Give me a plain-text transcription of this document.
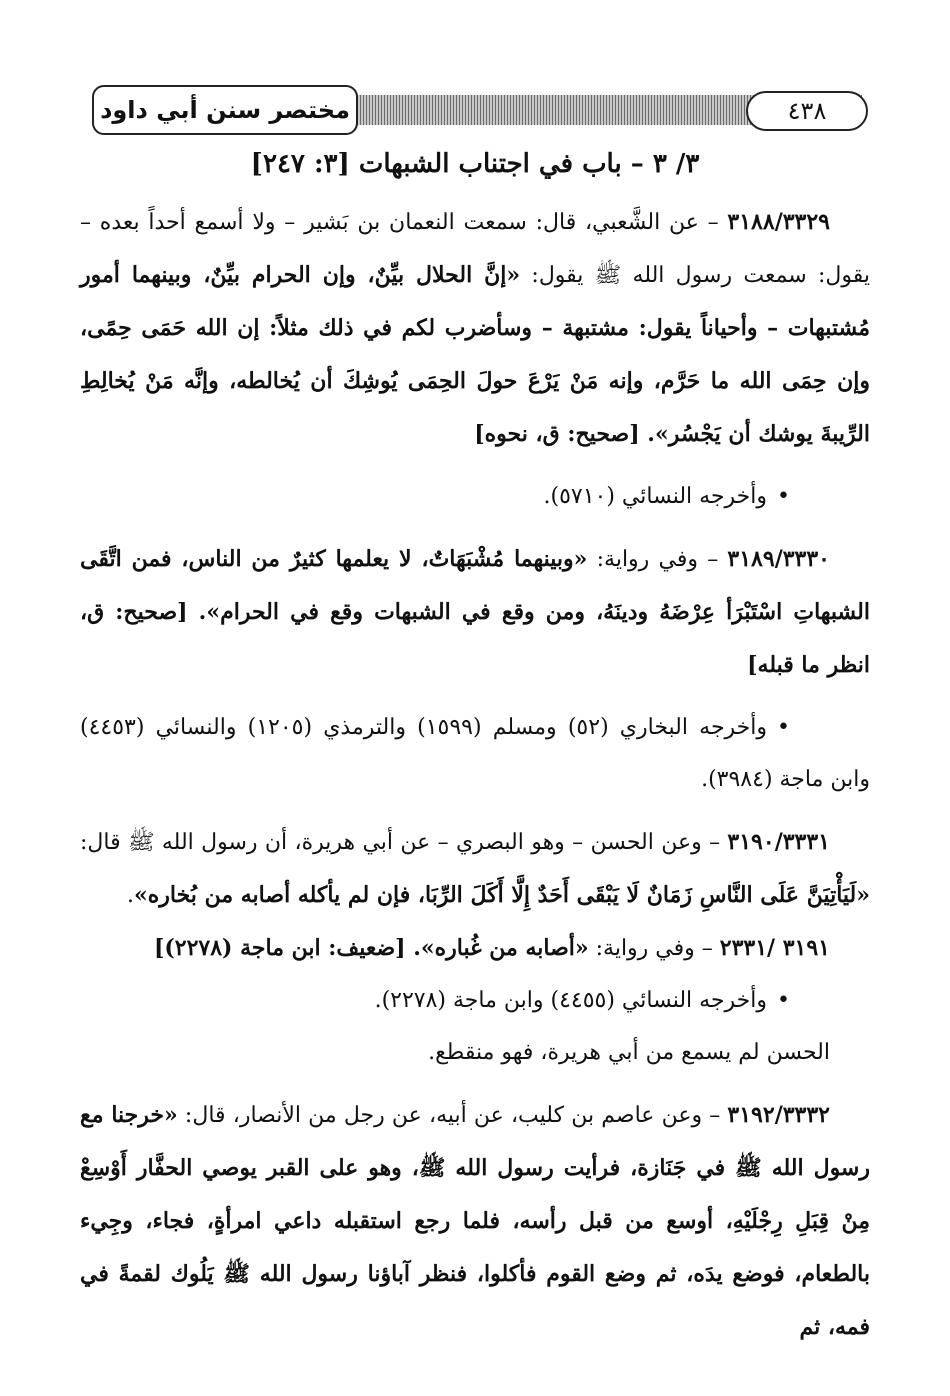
مختصر سنن أبي داود	٤٣٨
٣/ ٣ – باب في اجتناب الشبهات [٣: ٢٤٧]

٣١٨٨/٣٣٢٩ – عن الشَّعبي، قال: سمعت النعمان بن بَشير – ولا أسمع أحداً بعده – يقول: سمعت رسول الله ﷺ يقول: «إنَّ الحلال بيِّنٌ، وإن الحرام بيِّنٌ، وبينهما أمور مُشتبهات – وأحياناً يقول: مشتبهة – وسأضرب لكم في ذلك مثلاً: إن الله حَمَى حِمًى، وإن حِمَى الله ما حَرَّم، وإنه مَنْ يَرْعَ حولَ الحِمَى يُوشِكَ أن يُخالطه، وإنَّه مَنْ يُخالِطِ الرِّيبةَ يوشك أن يَجْسُر». [صحيح: ق، نحوه]

•وأخرجه النسائي (٥٧١٠).

٣١٨٩/٣٣٣٠ – وفي رواية: «وبينهما مُشْبَهَاتٌ، لا يعلمها كثيرٌ من الناس، فمن اتَّقَى الشبهاتِ اسْتَبْرَأ عِرْضَهُ ودينَهُ، ومن وقع في الشبهات وقع في الحرام». [صحيح: ق، انظر ما قبله]

•وأخرجه البخاري (٥٢) ومسلم (١٥٩٩) والترمذي (١٢٠٥) والنسائي (٤٤٥٣) وابن ماجة (٣٩٨٤).

٣١٩٠/٣٣٣١ – وعن الحسن – وهو البصري – عن أبي هريرة، أن رسول الله ﷺ قال: «لَيَأْتِيَنَّ عَلَى النَّاسِ زَمَانٌ لَا يَبْقَى أَحَدٌ إِلَّا أَكَلَ الرِّبَا، فإن لم يأكله أصابه من بُخاره».

٣١٩١ /٢٣٣١ – وفي رواية: «أصابه من غُباره». [ضعيف: ابن ماجة (٢٢٧٨)]

•وأخرجه النسائي (٤٤٥٥) وابن ماجة (٢٢٧٨).

الحسن لم يسمع من أبي هريرة، فهو منقطع.

٣١٩٢/٣٣٣٢ – وعن عاصم بن كليب، عن أبيه، عن رجل من الأنصار، قال: «خرجنا مع رسول الله ﷺ في جَنَازة، فرأيت رسول الله ﷺ، وهو على القبر يوصي الحفَّار أَوْسِعْ مِنْ قِبَلِ رِجْلَيْهِ، أوسع من قبل رأسه، فلما رجع استقبله داعي امرأةٍ، فجاء، وجِيء بالطعام، فوضع يدَه، ثم وضع القوم فأكلوا، فنظر آباؤنا رسول الله ﷺ يَلُوك لقمةً في فمه، ثم
